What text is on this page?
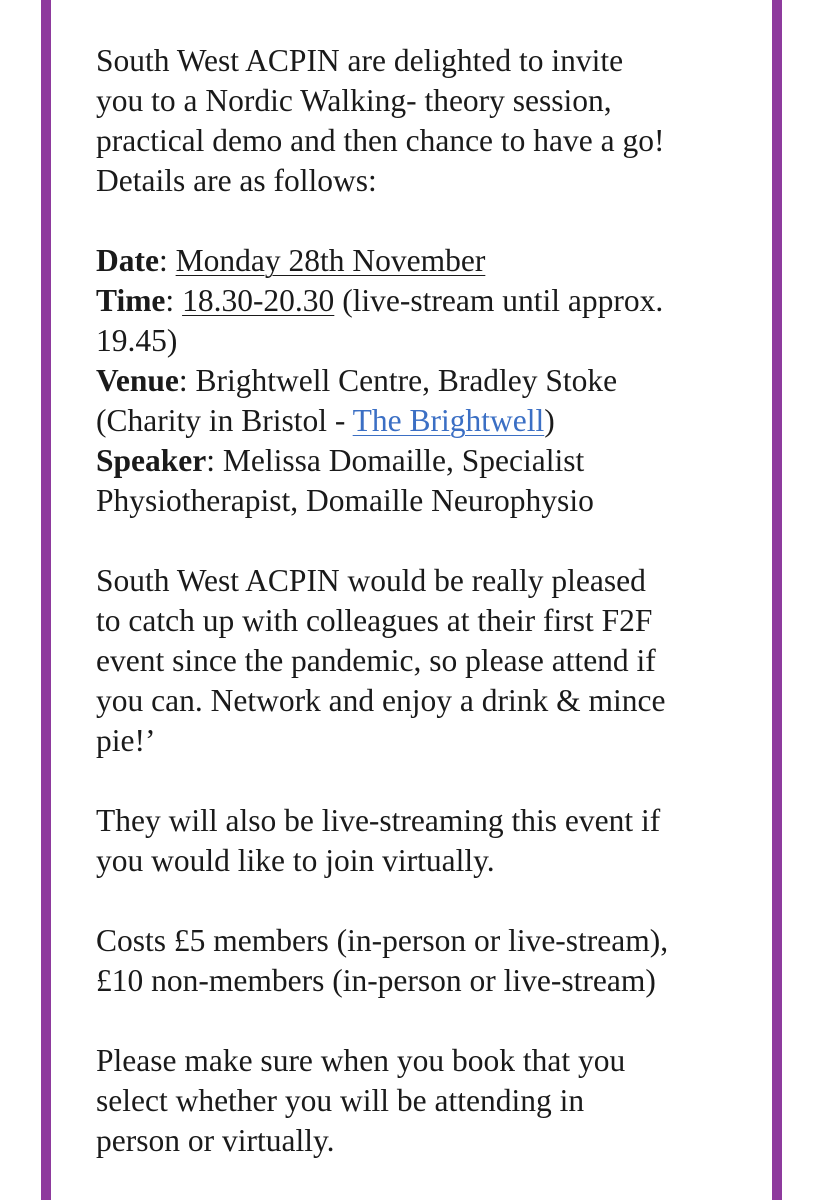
South West ACPIN are delighted to invite
you to a Nordic Walking- theory session,
practical demo and then chance to have a go!
Details are as follows:

Date: Monday 28th November
Time: 18.30-20.30 (live-stream until approx.
19.45)
Venue: Brightwell Centre, Bradley Stoke
(Charity in Bristol - The Brightwell)
Speaker: Melissa Domaille, Specialist
Physiotherapist, Domaille Neurophysio

South West ACPIN would be really pleased
to catch up with colleagues at their first F2F
event since the pandemic, so please attend if
you can. Network and enjoy a drink & mince
pie!’

They will also be live-streaming this event if
you would like to join virtually.

Costs £5 members (in-person or live-stream),
£10 non-members (in-person or live-stream)

Please make sure when you book that you
select whether you will be attending in
person or virtually.
